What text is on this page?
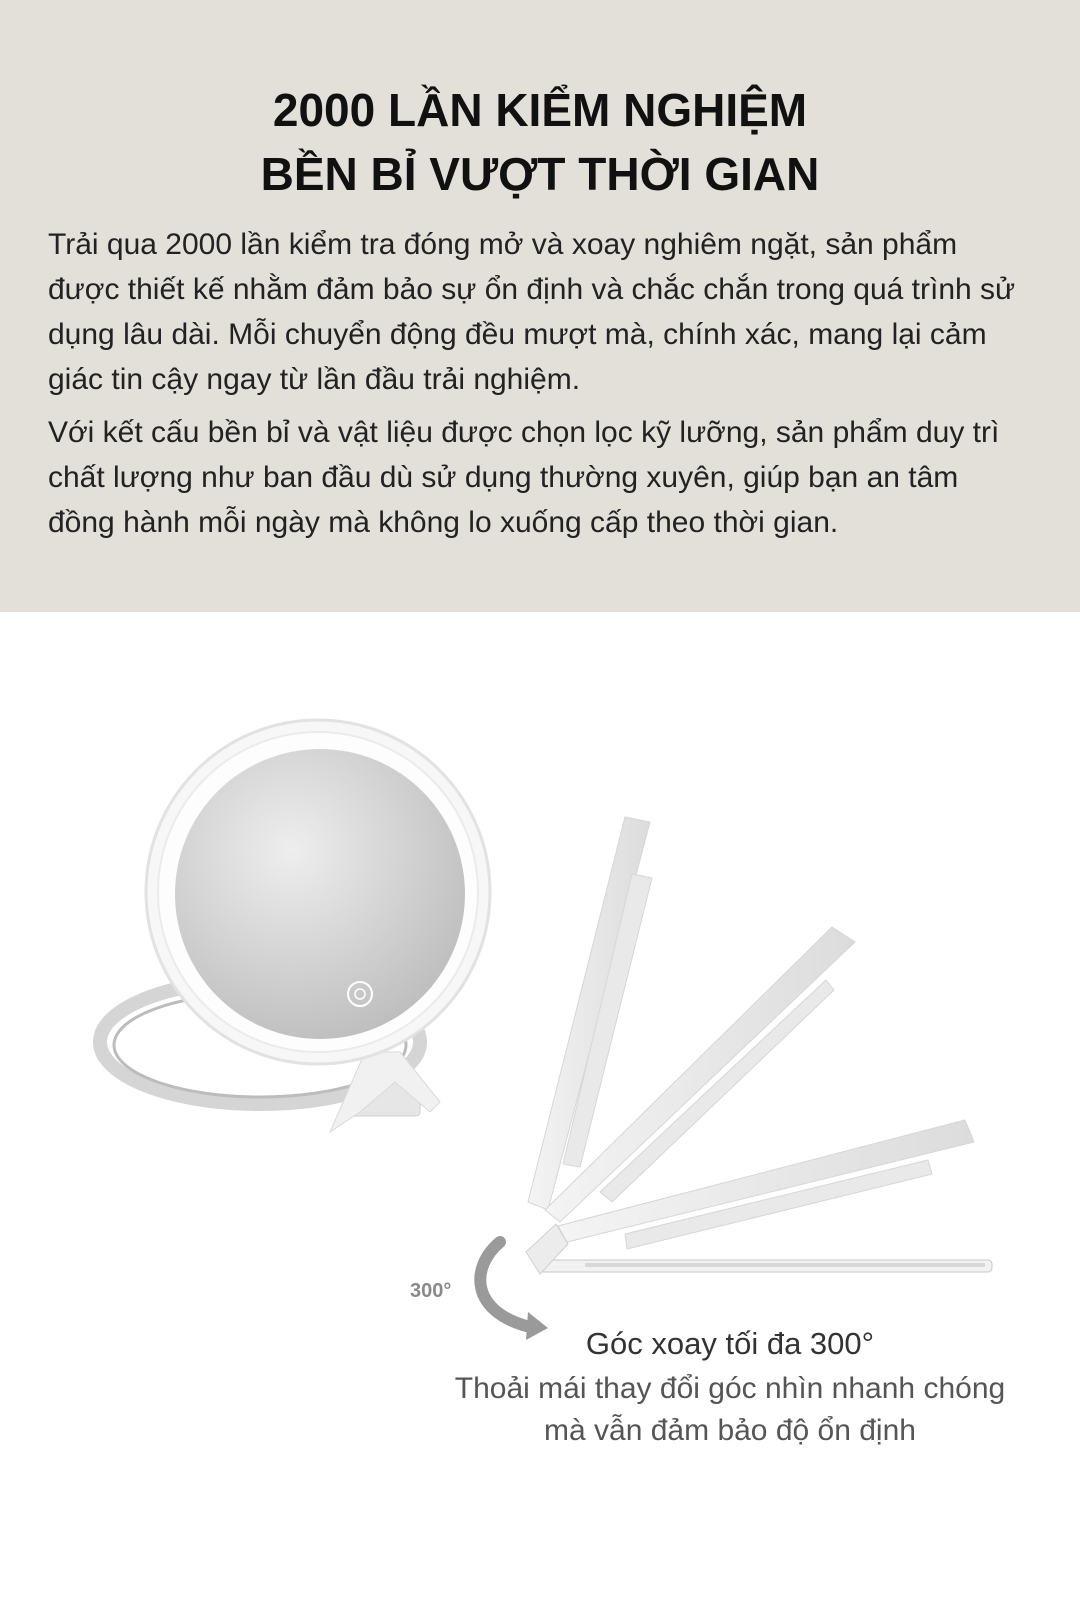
2000 LẦN KIỂM NGHIỆM
BỀN BỈ VƯỢT THỜI GIAN

Trải qua 2000 lần kiểm tra đóng mở và xoay nghiêm ngặt, sản phẩm được thiết kế nhằm đảm bảo sự ổn định và chắc chắn trong quá trình sử dụng lâu dài. Mỗi chuyển động đều mượt mà, chính xác, mang lại cảm giác tin cậy ngay từ lần đầu trải nghiệm.

Với kết cấu bền bỉ và vật liệu được chọn lọc kỹ lưỡng, sản phẩm duy trì chất lượng như ban đầu dù sử dụng thường xuyên, giúp bạn an tâm đồng hành mỗi ngày mà không lo xuống cấp theo thời gian.

300°
Góc xoay tối đa 300°
Thoải mái thay đổi góc nhìn nhanh chóng mà vẫn đảm bảo độ ổn định
